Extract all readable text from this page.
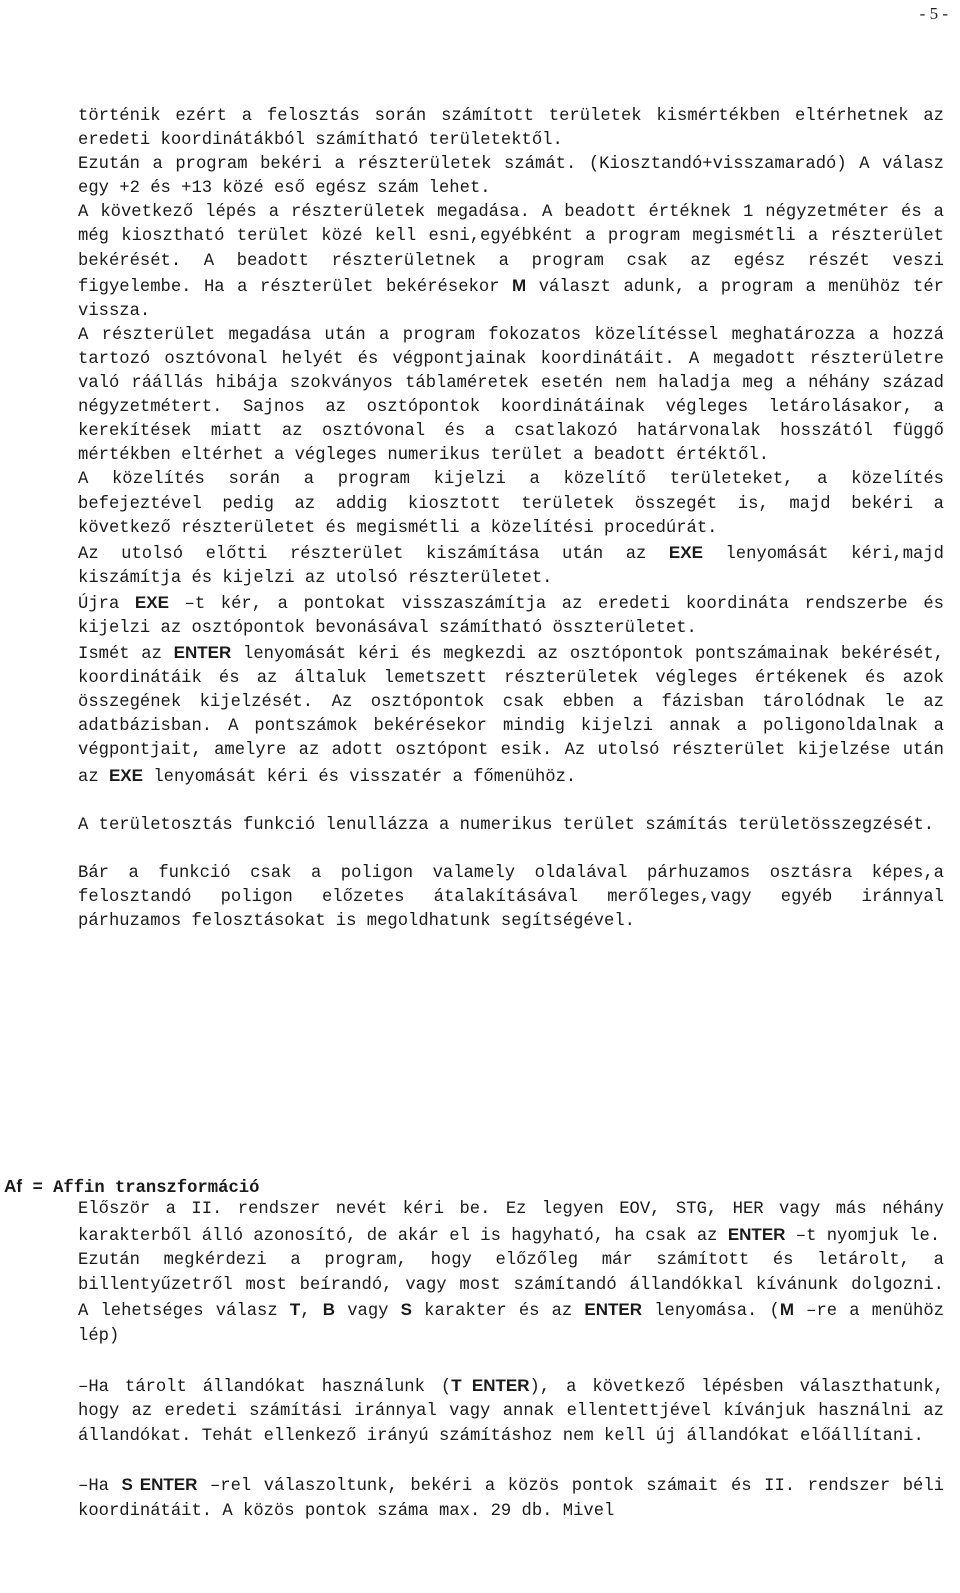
- 5 -

történik ezért a felosztás során számított területek kismértékben eltérhetnek az eredeti koordinátákból számítható területektől.

Ezután a program bekéri a részterületek számát. (Kiosztandó+visszamaradó) A válasz egy +2 és +13 közé eső egész szám lehet.

A következő lépés a részterületek megadása. A beadott értéknek 1 négyzetméter és a még kiosztható terület közé kell esni,egyébként a program megismétli a részterület bekérését. A beadott részterületnek a program csak az egész részét veszi figyelembe. Ha a részterület bekérésekor M választ adunk, a program a menühöz tér vissza.

A részterület megadása után a program fokozatos közelítéssel meghatározza a hozzá tartozó osztóvonal helyét és végpontjainak koordinátáit. A megadott részterületre való ráállás hibája szokványos táblaméretek esetén nem haladja meg a néhány század négyzetmétert. Sajnos az osztópontok koordinátáinak végleges letárolásakor, a kerekítések miatt az osztóvonal és a csatlakozó határvonalak hosszától függő mértékben eltérhet a végleges numerikus terület a beadott értéktől.

A közelítés során a program kijelzi a közelítő területeket, a közelítés befejeztével pedig az addig kiosztott területek összegét is, majd bekéri a következő részterületet és megismétli a közelítési procedúrát.

Az utolsó előtti részterület kiszámítása után az EXE lenyomását kéri,majd kiszámítja és kijelzi az utolsó részterületet.

Újra EXE –t kér, a pontokat visszaszámítja az eredeti koordináta rendszerbe és kijelzi az osztópontok bevonásával számítható összterületet.

Ismét az ENTER lenyomását kéri és megkezdi az osztópontok pontszámainak bekérését, koordinátáik és az általuk lemetszett részterületek végleges értékenek és azok összegének kijelzését. Az osztópontok csak ebben a fázisban tárolódnak le az adatbázisban. A pontszámok bekérésekor mindig kijelzi annak a poligonoldalnak a végpontjait, amelyre az adott osztópont esik. Az utolsó részterület kijelzése után az EXE lenyomását kéri és visszatér a főmenühöz.

A területosztás funkció lenullázza a numerikus terület számítás területösszegzését.

Bár a funkció csak a poligon valamely oldalával párhuzamos osztásra képes,a felosztandó poligon előzetes átalakításával merőleges,vagy egyéb iránnyal párhuzamos felosztásokat is megoldhatunk segítségével.

Af = Affin transzformáció

Először a II. rendszer nevét kéri be. Ez legyen EOV, STG, HER vagy más néhány karakterből álló azonosító, de akár el is hagyható, ha csak az ENTER –t nyomjuk le.

Ezután megkérdezi a program, hogy előzőleg már számított és letárolt, a billentyűzetről most beírandó, vagy most számítandó állandókkal kívánunk dolgozni. A lehetséges válasz T, B vagy S karakter és az ENTER lenyomása. (M –re a menühöz lép)

–Ha tárolt állandókat használunk (T ENTER), a következő lépésben választhatunk, hogy az eredeti számítási iránnyal vagy annak ellentettjével kívánjuk használni az állandókat. Tehát ellenkező irányú számításhoz nem kell új állandókat előállítani.

–Ha S ENTER –rel válaszoltunk, bekéri a közös pontok számait és II. rendszer béli koordinátáit. A közös pontok száma max. 29 db. Mivel
